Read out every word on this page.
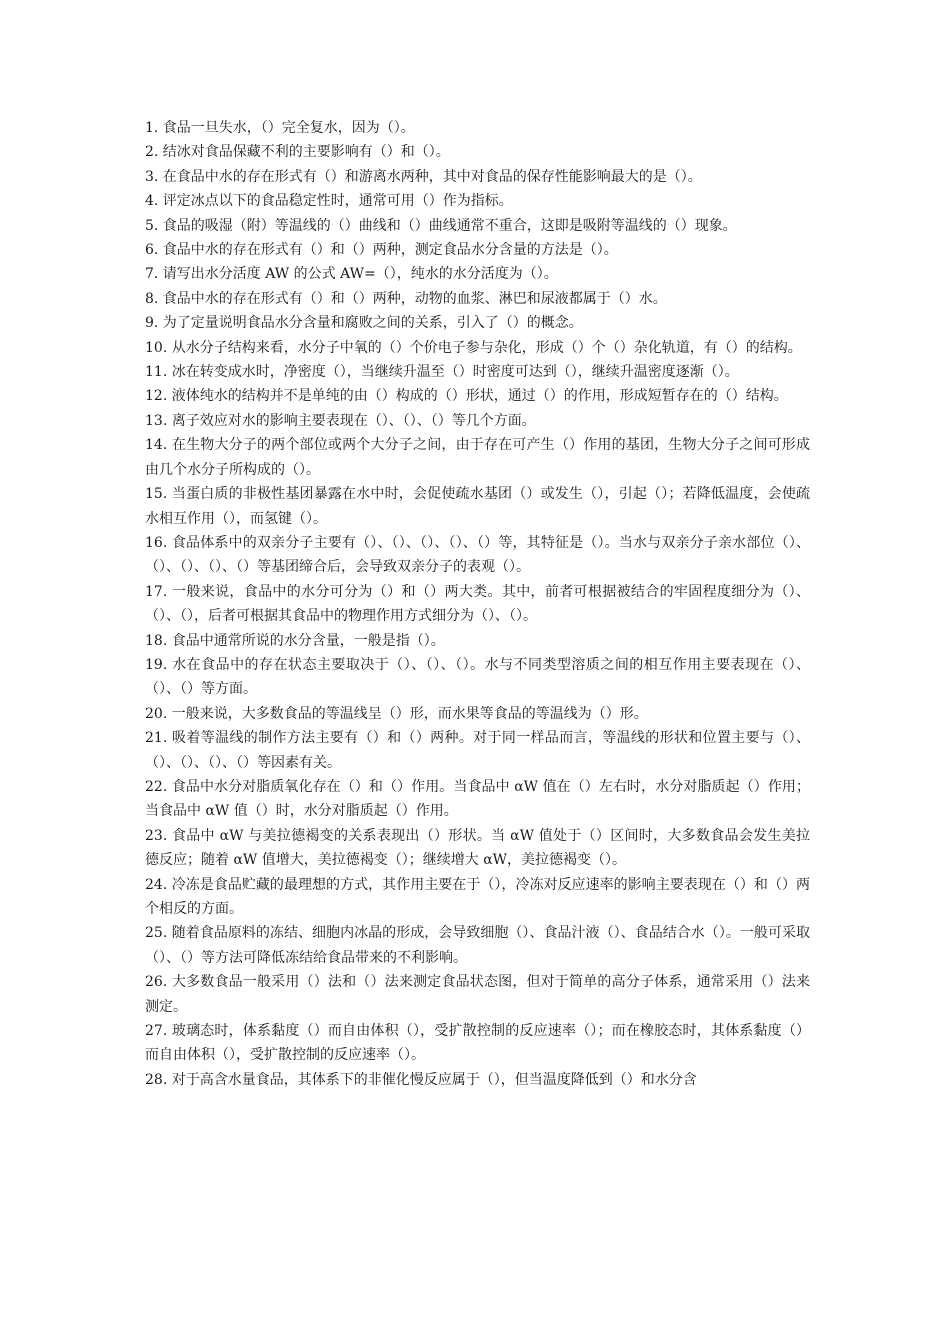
1. 食品一旦失水，（）完全复水，因为（）。

2. 结冰对食品保藏不利的主要影响有（）和（）。

3. 在食品中水的存在形式有（）和游离水两种，其中对食品的保存性能影响最大的是（）。

4. 评定冰点以下的食品稳定性时，通常可用（）作为指标。

5. 食品的吸湿（附）等温线的（）曲线和（）曲线通常不重合，这即是吸附等温线的（）现象。

6. 食品中水的存在形式有（）和（）两种，测定食品水分含量的方法是（）。

7. 请写出水分活度 AW 的公式 AW=（），纯水的水分活度为（）。

8. 食品中水的存在形式有（）和（）两种，动物的血浆、淋巴和尿液都属于（）水。

9. 为了定量说明食品水分含量和腐败之间的关系，引入了（）的概念。

10. 从水分子结构来看，水分子中氧的（）个价电子参与杂化，形成（）个（）杂化轨道，有（）的结构。

11. 冰在转变成水时，净密度（），当继续升温至（）时密度可达到（），继续升温密度逐渐（）。

12. 液体纯水的结构并不是单纯的由（）构成的（）形状，通过（）的作用，形成短暂存在的（）结构。

13. 离子效应对水的影响主要表现在（）、（）、（）等几个方面。

14. 在生物大分子的两个部位或两个大分子之间，由于存在可产生（）作用的基团，生物大分子之间可形成由几个水分子所构成的（）。

15. 当蛋白质的非极性基团暴露在水中时，会促使疏水基团（）或发生（），引起（）；若降低温度，会使疏水相互作用（），而氢键（）。

16. 食品体系中的双亲分子主要有（）、（）、（）、（）、（）等，其特征是（）。当水与双亲分子亲水部位（）、（）、（）、（）、（）等基团缔合后，会导致双亲分子的表观（）。

17. 一般来说，食品中的水分可分为（）和（）两大类。其中，前者可根据被结合的牢固程度细分为（）、（）、（），后者可根据其食品中的物理作用方式细分为（）、（）。

18. 食品中通常所说的水分含量，一般是指（）。

19. 水在食品中的存在状态主要取决于（）、（）、（）。水与不同类型溶质之间的相互作用主要表现在（）、（）、（）等方面。

20. 一般来说，大多数食品的等温线呈（）形，而水果等食品的等温线为（）形。

21. 吸着等温线的制作方法主要有（）和（）两种。对于同一样品而言，等温线的形状和位置主要与（）、（）、（）、（）、（）等因素有关。

22. 食品中水分对脂质氧化存在（）和（）作用。当食品中 αW 值在（）左右时，水分对脂质起（）作用；当食品中 αW 值（）时，水分对脂质起（）作用。

23. 食品中 αW 与美拉德褐变的关系表现出（）形状。当 αW 值处于（）区间时，大多数食品会发生美拉德反应；随着 αW 值增大，美拉德褐变（）；继续增大 αW，美拉德褐变（）。

24. 冷冻是食品贮藏的最理想的方式，其作用主要在于（），冷冻对反应速率的影响主要表现在（）和（）两个相反的方面。

25. 随着食品原料的冻结、细胞内冰晶的形成，会导致细胞（）、食品汁液（）、食品结合水（）。一般可采取（）、（）等方法可降低冻结给食品带来的不利影响。

26. 大多数食品一般采用（）法和（）法来测定食品状态图，但对于简单的高分子体系，通常采用（）法来测定。

27. 玻璃态时，体系黏度（）而自由体积（），受扩散控制的反应速率（）；而在橡胶态时，其体系黏度（）而自由体积（），受扩散控制的反应速率（）。

28. 对于高含水量食品，其体系下的非催化慢反应属于（），但当温度降低到（）和水分含
